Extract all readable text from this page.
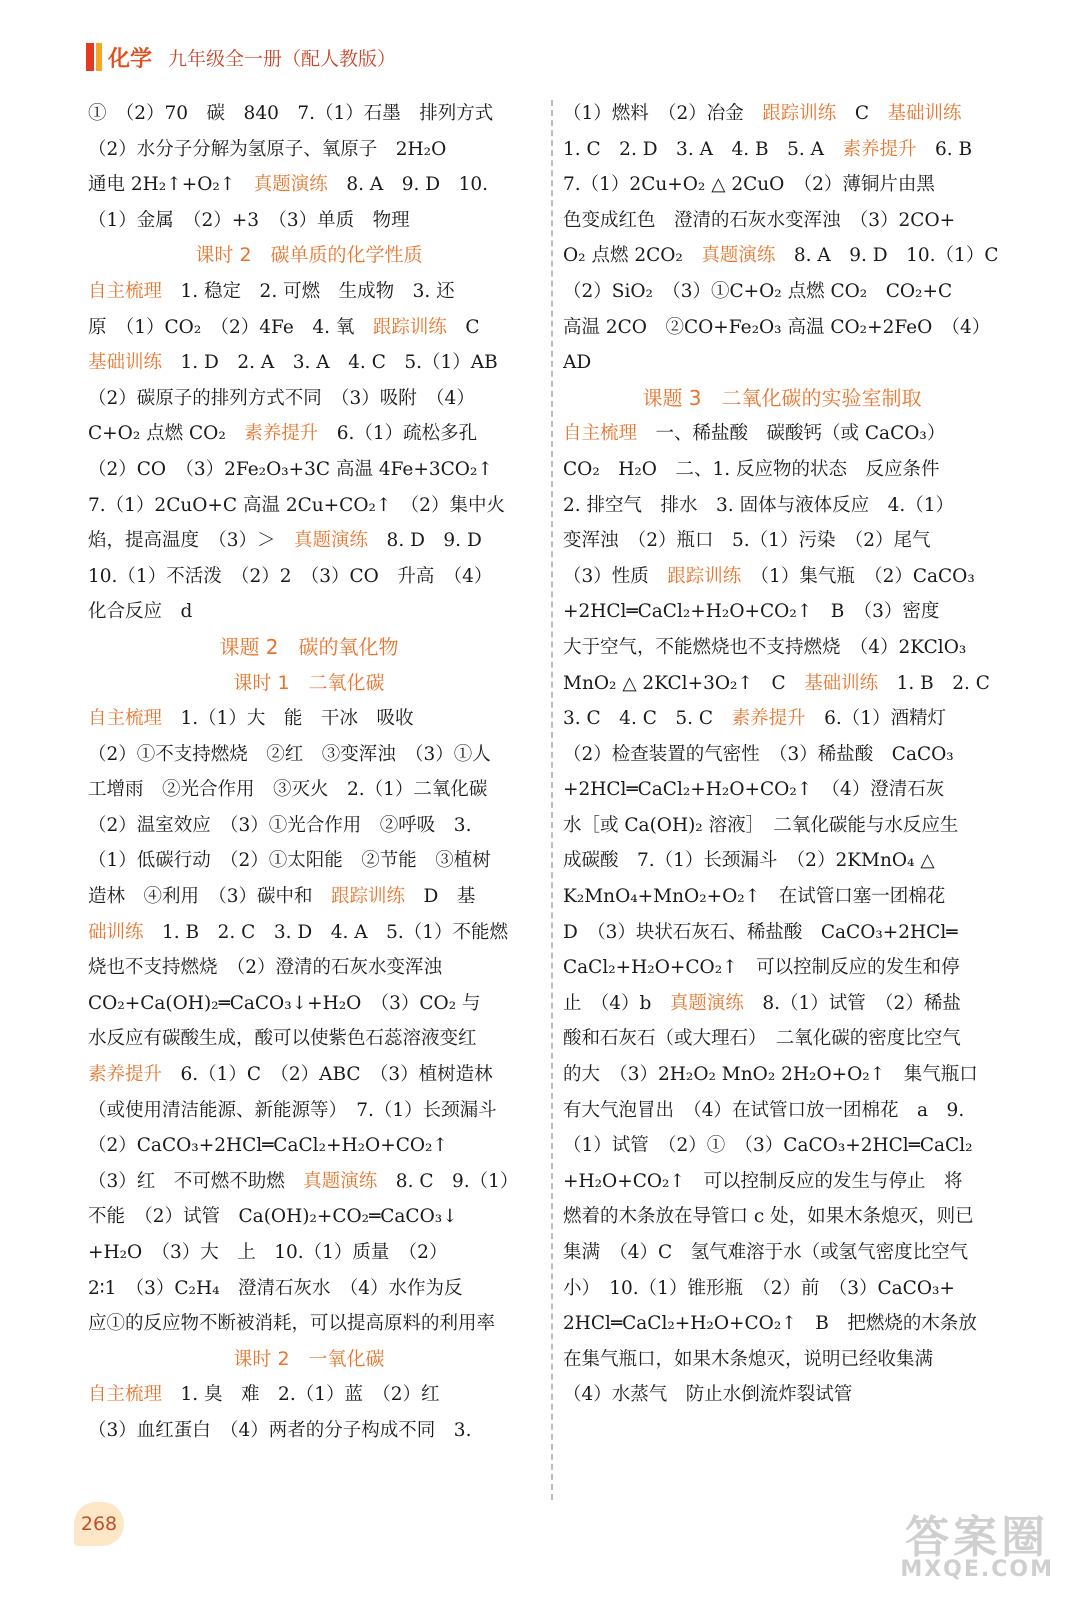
化学 九年级全一册（配人教版）
①　（2）70　碳　840　7.（1）石墨　排列方式
（2）水分子分解为氢原子、氧原子　2H₂O
通电 2H₂↑+O₂↑　真题演练　8. A　9. D　10.
（1）金属　（2）+3　（3）单质　物理
课时 2　碳单质的化学性质
自主梳理　1. 稳定　2. 可燃　生成物　3. 还
原　（1）CO₂　（2）4Fe　4. 氧　跟踪训练　C
基础训练　1. D　2. A　3. A　4. C　5.（1）AB
（2）碳原子的排列方式不同　（3）吸附　（4）
C+O₂ 点燃 CO₂　素养提升　6.（1）疏松多孔
（2）CO　（3）2Fe₂O₃+3C 高温 4Fe+3CO₂↑
7.（1）2CuO+C 高温 2Cu+CO₂↑　（2）集中火
焰，提高温度　（3）＞　真题演练　8. D　9. D
10.（1）不活泼　（2）2　（3）CO　升高　（4）
化合反应　d
课题 2　碳的氧化物
课时 1　二氧化碳
自主梳理　1.（1）大　能　干冰　吸收
（2）①不支持燃烧　②红　③变浑浊　（3）①人
工增雨　②光合作用　③灭火　2.（1）二氧化碳
（2）温室效应　（3）①光合作用　②呼吸　3.
（1）低碳行动　（2）①太阳能　②节能　③植树
造林　④利用　（3）碳中和　跟踪训练　D　基
础训练　1. B　2. C　3. D　4. A　5.（1）不能燃
烧也不支持燃烧　（2）澄清的石灰水变浑浊
CO₂+Ca(OH)₂═CaCO₃↓+H₂O　（3）CO₂ 与
水反应有碳酸生成，酸可以使紫色石蕊溶液变红
素养提升　6.（1）C　（2）ABC　（3）植树造林
（或使用清洁能源、新能源等）　7.（1）长颈漏斗
（2）CaCO₃+2HCl═CaCl₂+H₂O+CO₂↑
（3）红　不可燃不助燃　真题演练　8. C　9.（1）
不能　（2）试管　Ca(OH)₂+CO₂═CaCO₃↓
+H₂O　（3）大　上　10.（1）质量　（2）
2∶1　（3）C₂H₄　澄清石灰水　（4）水作为反
应①的反应物不断被消耗，可以提高原料的利用率
课时 2　一氧化碳
自主梳理　1. 臭　难　2.（1）蓝　（2）红
（3）血红蛋白　（4）两者的分子构成不同　3.
（1）燃料　（2）冶金　跟踪训练　C　基础训练
1. C　2. D　3. A　4. B　5. A　素养提升　6. B
7.（1）2Cu+O₂ △ 2CuO　（2）薄铜片由黑
色变成红色　澄清的石灰水变浑浊　（3）2CO+
O₂ 点燃 2CO₂　真题演练　8. A　9. D　10.（1）C
（2）SiO₂　（3）①C+O₂ 点燃 CO₂　CO₂+C
高温 2CO　②CO+Fe₂O₃ 高温 CO₂+2FeO　（4）
AD
课题 3　二氧化碳的实验室制取
自主梳理　一、稀盐酸　碳酸钙（或 CaCO₃）
CO₂　H₂O　二、1. 反应物的状态　反应条件
2. 排空气　排水　3. 固体与液体反应　4.（1）
变浑浊　（2）瓶口　5.（1）污染　（2）尾气
（3）性质　跟踪训练　（1）集气瓶　（2）CaCO₃
+2HCl═CaCl₂+H₂O+CO₂↑　B　（3）密度
大于空气，不能燃烧也不支持燃烧　（4）2KClO₃
MnO₂ △ 2KCl+3O₂↑　C　基础训练　1. B　2. C
3. C　4. C　5. C　素养提升　6.（1）酒精灯
（2）检查装置的气密性　（3）稀盐酸　CaCO₃
+2HCl═CaCl₂+H₂O+CO₂↑　（4）澄清石灰
水［或 Ca(OH)₂ 溶液］　二氧化碳能与水反应生
成碳酸　7.（1）长颈漏斗　（2）2KMnO₄ △
K₂MnO₄+MnO₂+O₂↑　在试管口塞一团棉花
D　（3）块状石灰石、稀盐酸　CaCO₃+2HCl═
CaCl₂+H₂O+CO₂↑　可以控制反应的发生和停
止　（4）b　真题演练　8.（1）试管　（2）稀盐
酸和石灰石（或大理石）　二氧化碳的密度比空气
的大　（3）2H₂O₂ MnO₂ 2H₂O+O₂↑　集气瓶口
有大气泡冒出　（4）在试管口放一团棉花　a　9.
（1）试管　（2）①　（3）CaCO₃+2HCl═CaCl₂
+H₂O+CO₂↑　可以控制反应的发生与停止　将
燃着的木条放在导管口 c 处，如果木条熄灭，则已
集满　（4）C　氢气难溶于水（或氢气密度比空气
小）　10.（1）锥形瓶　（2）前　（3）CaCO₃+
2HCl═CaCl₂+H₂O+CO₂↑　B　把燃烧的木条放
在集气瓶口，如果木条熄灭，说明已经收集满
（4）水蒸气　防止水倒流炸裂试管
268	答案圈
MXQE.COM
